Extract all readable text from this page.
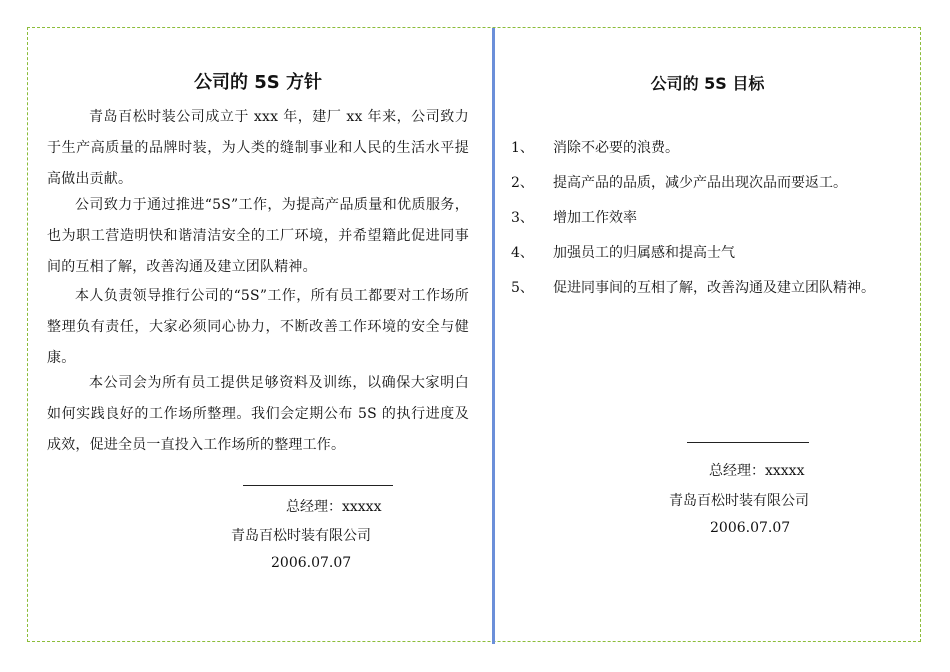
公司的 5S 方针

青岛百松时装公司成立于 xxx 年，建厂 xx 年来，公司致力于生产高质量的品牌时装，为人类的缝制事业和人民的生活水平提高做出贡献。

公司致力于通过推进“5S”工作，为提高产品质量和优质服务，也为职工营造明快和谐清洁安全的工厂环境，并希望籍此促进同事间的互相了解，改善沟通及建立团队精神。

本人负责领导推行公司的“5S”工作，所有员工都要对工作场所整理负有责任，大家必须同心协力，不断改善工作环境的安全与健康。

本公司会为所有员工提供足够资料及训练，以确保大家明白如何实践良好的工作场所整理。我们会定期公布 5S 的执行进度及成效，促进全员一直投入工作场所的整理工作。

总经理：xxxxx
青岛百松时装有限公司
2006.07.07
公司的 5S 目标
1、	消除不必要的浪费。
2、	提高产品的品质，减少产品出现次品而要返工。
3、	增加工作效率
4、	加强员工的归属感和提高士气
5、	促进同事间的互相了解，改善沟通及建立团队精神。
总经理：xxxxx
青岛百松时装有限公司
2006.07.07
